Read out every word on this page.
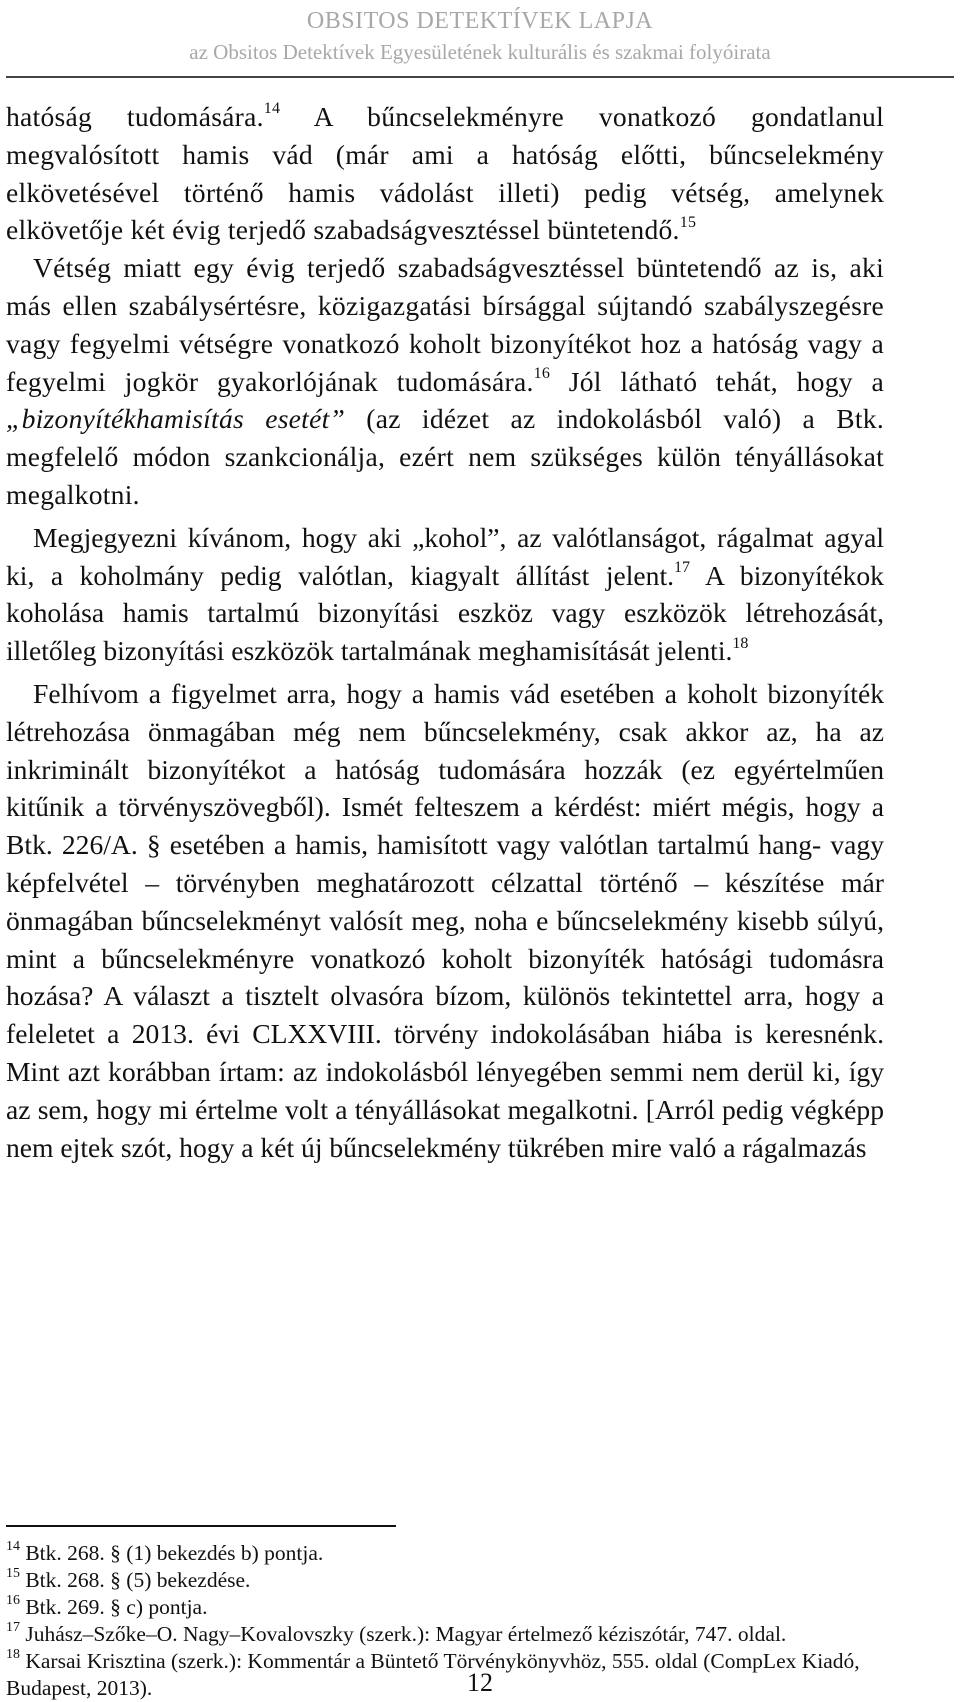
OBSITOS DETEKTÍVEK LAPJA
az Obsitos Detektívek Egyesületének kulturális és szakmai folyóirata

hatóság tudomására.$^{14}$ A bűncselekményre vonatkozó gondatlanul megvalósított hamis vád (már ami a hatóság előtti, bűncselekmény elkövetésével történő hamis vádolást illeti) pedig vétség, amelynek elkövetője két évig terjedő szabadságvesztéssel büntetendő.$^{15}$

Vétség miatt egy évig terjedő szabadságvesztéssel büntetendő az is, aki más ellen szabálysértésre, közigazgatási bírsággal sújtandó szabályszegésre vagy fegyelmi vétségre vonatkozó koholt bizonyítékot hoz a hatóság vagy a fegyelmi jogkör gyakorlójának tudomására.$^{16}$ Jól látható tehát, hogy a „bizonyítékhamisítás esetét” (az idézet az indokolásból való) a Btk. megfelelő módon szankcionálja, ezért nem szükséges külön tényállásokat megalkotni.

Megjegyezni kívánom, hogy aki „kohol”, az valótlanságot, rágalmat agyal ki, a koholmány pedig valótlan, kiagyalt állítást jelent.$^{17}$ A bizonyítékok koholása hamis tartalmú bizonyítási eszköz vagy eszközök létrehozását, illetőleg bizonyítási eszközök tartalmának meghamisítását jelenti.$^{18}$

Felhívom a figyelmet arra, hogy a hamis vád esetében a koholt bizonyíték létrehozása önmagában még nem bűncselekmény, csak akkor az, ha az inkriminált bizonyítékot a hatóság tudomására hozzák (ez egyértelműen kitűnik a törvényszövegből). Ismét felteszem a kérdést: miért mégis, hogy a Btk. 226/A. § esetében a hamis, hamisított vagy valótlan tartalmú hang- vagy képfelvétel – törvényben meghatározott célzattal történő – készítése már önmagában bűncselekményt valósít meg, noha e bűncselekmény kisebb súlyú, mint a bűncselekményre vonatkozó koholt bizonyíték hatósági tudomásra hozása? A választ a tisztelt olvasóra bízom, különös tekintettel arra, hogy a feleletet a 2013. évi CLXXVIII. törvény indokolásában hiába is keresnénk. Mint azt korábban írtam: az indokolásból lényegében semmi nem derül ki, így az sem, hogy mi értelme volt a tényállásokat megalkotni. [Arról pedig végképp nem ejtek szót, hogy a két új bűncselekmény tükrében mire való a rágalmazás

$^{14}$ Btk. 268. § (1) bekezdés b) pontja.

$^{15}$ Btk. 268. § (5) bekezdése.

$^{16}$ Btk. 269. § c) pontja.

$^{17}$ Juhász–Szőke–O. Nagy–Kovalovszky (szerk.): Magyar értelmező kéziszótár, 747. oldal.

$^{18}$ Karsai Krisztina (szerk.): Kommentár a Büntető Törvénykönyvhöz, 555. oldal (CompLex Kiadó, Budapest, 2013).	12
